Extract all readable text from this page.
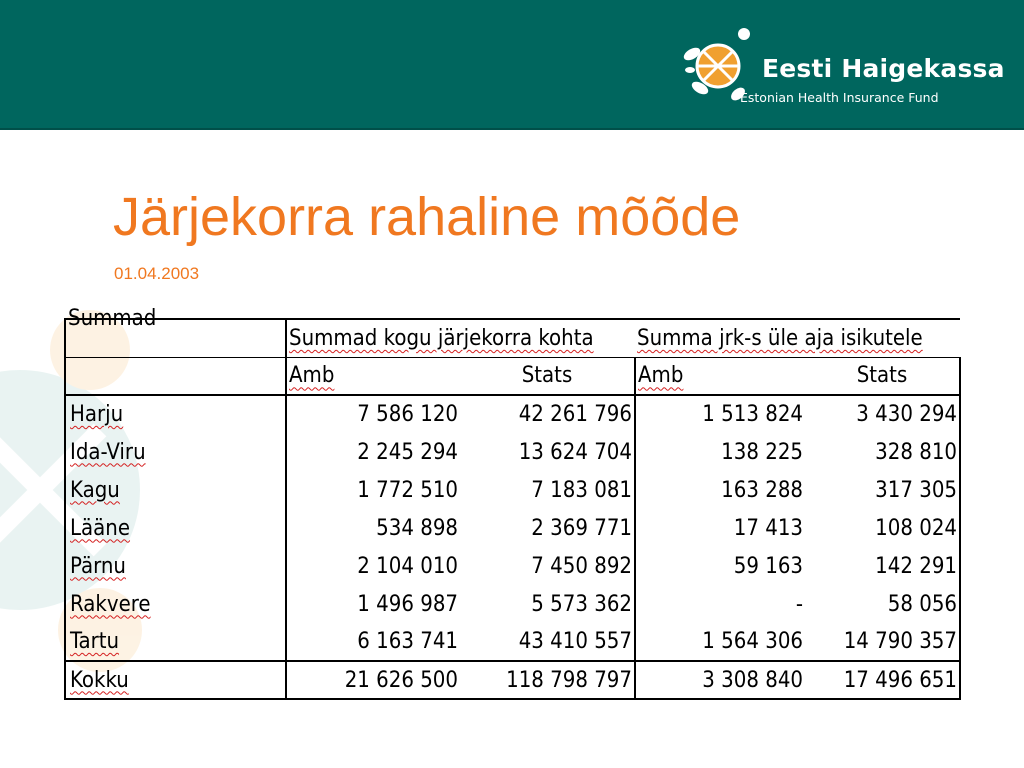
Eesti Haigekassa
Estonian Health Insurance Fund
Järjekorra rahaline mõõde
01.04.2003
Summad
	Summad kogu järjekorra kohta		Summa jrk-s üle aja isikutele	
	Amb	Stats	Amb	Stats
Harju	7 586 120	42 261 796	1 513 824	3 430 294
Ida-Viru	2 245 294	13 624 704	138 225	328 810
Kagu	1 772 510	7 183 081	163 288	317 305
Lääne	534 898	2 369 771	17 413	108 024
Pärnu	2 104 010	7 450 892	59 163	142 291
Rakvere	1 496 987	5 573 362	-	58 056
Tartu	6 163 741	43 410 557	1 564 306	14 790 357
Kokku	21 626 500	118 798 797	3 308 840	17 496 651
